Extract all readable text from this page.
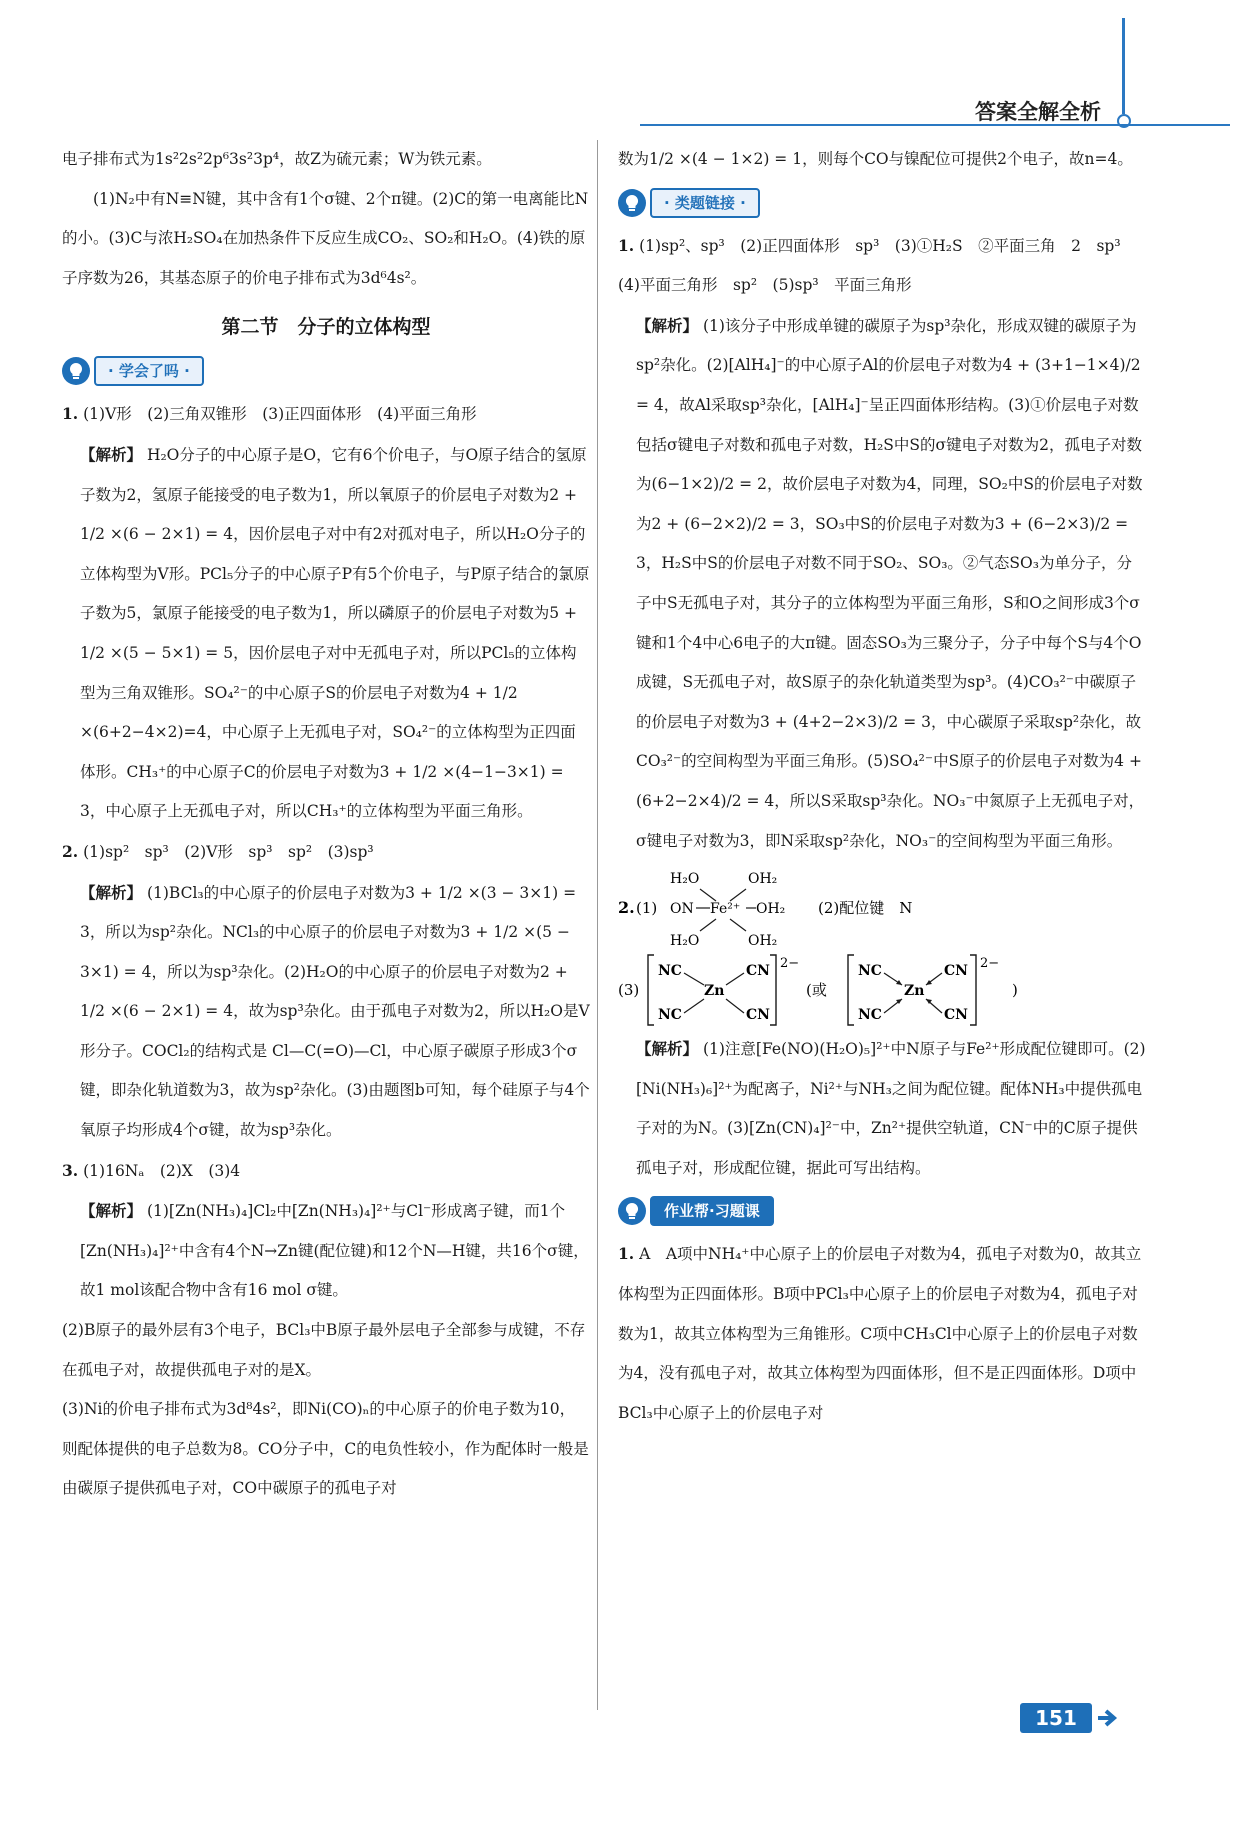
答案全解全析

电子排布式为1s²2s²2p⁶3s²3p⁴，故Z为硫元素；W为铁元素。

(1)N₂中有N≡N键，其中含有1个σ键、2个π键。(2)C的第一电离能比N的小。(3)C与浓H₂SO₄在加热条件下反应生成CO₂、SO₂和H₂O。(4)铁的原子序数为26，其基态原子的价电子排布式为3d⁶4s²。

第二节　分子的立体构型
· 学会了吗 ·
1. (1)V形　(2)三角双锥形　(3)正四面体形　(4)平面三角形
【解析】 H₂O分子的中心原子是O，它有6个价电子，与O原子结合的氢原子数为2，氢原子能接受的电子数为1，所以氧原子的价层电子对数为2 + 1/2 ×(6 − 2×1) = 4，因价层电子对中有2对孤对电子，所以H₂O分子的立体构型为V形。PCl₅分子的中心原子P有5个价电子，与P原子结合的氯原子数为5，氯原子能接受的电子数为1，所以磷原子的价层电子对数为5 + 1/2 ×(5 − 5×1) = 5，因价层电子对中无孤电子对，所以PCl₅的立体构型为三角双锥形。SO₄²⁻的中心原子S的价层电子对数为4 + 1/2 ×(6+2−4×2)=4，中心原子上无孤电子对，SO₄²⁻的立体构型为正四面体形。CH₃⁺的中心原子C的价层电子对数为3 + 1/2 ×(4−1−3×1) = 3，中心原子上无孤电子对，所以CH₃⁺的立体构型为平面三角形。
2. (1)sp²　sp³　(2)V形　sp³　sp²　(3)sp³
【解析】 (1)BCl₃的中心原子的价层电子对数为3 + 1/2 ×(3 − 3×1) = 3，所以为sp²杂化。NCl₃的中心原子的价层电子对数为3 + 1/2 ×(5 − 3×1) = 4，所以为sp³杂化。(2)H₂O的中心原子的价层电子对数为2 + 1/2 ×(6 − 2×1) = 4，故为sp³杂化。由于孤电子对数为2，所以H₂O是V形分子。COCl₂的结构式是 Cl—C(=O)—Cl，中心原子碳原子形成3个σ键，即杂化轨道数为3，故为sp²杂化。(3)由题图b可知，每个硅原子与4个氧原子均形成4个σ键，故为sp³杂化。
3. (1)16Nₐ　(2)X　(3)4
【解析】 (1)[Zn(NH₃)₄]Cl₂中[Zn(NH₃)₄]²⁺与Cl⁻形成离子键，而1个[Zn(NH₃)₄]²⁺中含有4个N→Zn键(配位键)和12个N—H键，共16个σ键，故1 mol该配合物中含有16 mol σ键。

(2)B原子的最外层有3个电子，BCl₃中B原子最外层电子全部参与成键，不存在孤电子对，故提供孤电子对的是X。

(3)Ni的价电子排布式为3d⁸4s²，即Ni(CO)ₙ的中心原子的价电子数为10，则配体提供的电子总数为8。CO分子中，C的电负性较小，作为配体时一般是由碳原子提供孤电子对，CO中碳原子的孤电子对

数为1/2 ×(4 − 1×2) = 1，则每个CO与镍配位可提供2个电子，故n=4。

· 类题链接 ·
1. (1)sp²、sp³　(2)正四面体形　sp³　(3)①H₂S　②平面三角　2　sp³　(4)平面三角形　sp²　(5)sp³　平面三角形
【解析】 (1)该分子中形成单键的碳原子为sp³杂化，形成双键的碳原子为sp²杂化。(2)[AlH₄]⁻的中心原子Al的价层电子对数为4 + (3+1−1×4)/2 = 4，故Al采取sp³杂化，[AlH₄]⁻呈正四面体形结构。(3)①价层电子对数包括σ键电子对数和孤电子对数，H₂S中S的σ键电子对数为2，孤电子对数为(6−1×2)/2 = 2，故价层电子对数为4，同理，SO₂中S的价层电子对数为2 + (6−2×2)/2 = 3，SO₃中S的价层电子对数为3 + (6−2×3)/2 = 3，H₂S中S的价层电子对数不同于SO₂、SO₃。②气态SO₃为单分子，分子中S无孤电子对，其分子的立体构型为平面三角形，S和O之间形成3个σ键和1个4中心6电子的大π键。固态SO₃为三聚分子，分子中每个S与4个O成键，S无孤电子对，故S原子的杂化轨道类型为sp³。(4)CO₃²⁻中碳原子的价层电子对数为3 + (4+2−2×3)/2 = 3，中心碳原子采取sp²杂化，故CO₃²⁻的空间构型为平面三角形。(5)SO₄²⁻中S原子的价层电子对数为4 + (6+2−2×4)/2 = 4，所以S采取sp³杂化。NO₃⁻中氮原子上无孤电子对，σ键电子对数为3，即N采取sp²杂化，NO₃⁻的空间构型为平面三角形。
2. (1)
H₂O	OH₂
ON Fe²⁺ OH₂
H₂O	OH₂
(2)配位键　N
(3)
NC	CN
Zn
NC	CN
2−
(或
NC	CN
Zn
NC	CN
2−
)
【解析】 (1)注意[Fe(NO)(H₂O)₅]²⁺中N原子与Fe²⁺形成配位键即可。(2)[Ni(NH₃)₆]²⁺为配离子，Ni²⁺与NH₃之间为配位键。配体NH₃中提供孤电子对的为N。(3)[Zn(CN)₄]²⁻中，Zn²⁺提供空轨道，CN⁻中的C原子提供孤电子对，形成配位键，据此可写出结构。
作业帮·习题课
1. A　A项中NH₄⁺中心原子上的价层电子对数为4，孤电子对数为0，故其立体构型为正四面体形。B项中PCl₃中心原子上的价层电子对数为4，孤电子对数为1，故其立体构型为三角锥形。C项中CH₃Cl中心原子上的价层电子对数为4，没有孤电子对，故其立体构型为四面体形，但不是正四面体形。D项中BCl₃中心原子上的价层电子对
151
